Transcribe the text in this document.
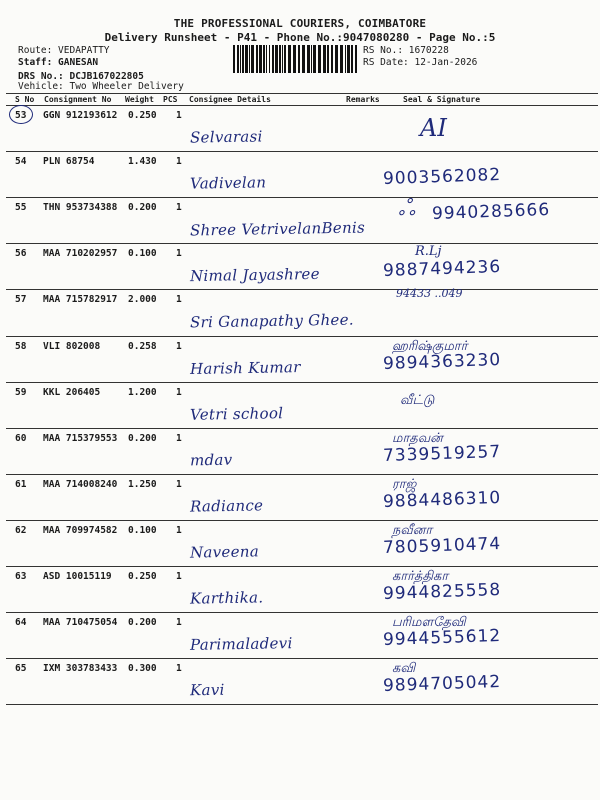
THE PROFESSIONAL COURIERS, COIMBATORE
Delivery Runsheet - P41 - Phone No.:9047080280 - Page No.:5
Route: VEDAPATTY
Staff: GANESAN
DRS No.: DCJB167022805
RS No.: 1670228
RS Date: 12-Jan-2026
Vehicle: Two Wheeler Delivery
S No Consignment No Weight PCS Consignee Details	Remarks	Seal & Signature
53 GGN 912193612 0.250 1
Selvarasi	AI
54 PLN 68754	1.430 1
Vadivelan	9003562082
55 THN 953734388 0.200 1
Shree VetrivelanBenis
9940285666
ஃ
56 MAA 710202957 0.100 1
Nimal Jayashree	9887494236
R.Lj
57 MAA 715782917 2.000 1
Sri Ganapathy Ghee.
94433 ..049
58 VLI 802008	0.258 1
Harish Kumar	9894363230
ஹரிஷ்குமார்
59 KKL 206405	1.200 1
Vetri school
வீட்டு
60 MAA 715379553 0.200 1
mdav	7339519257
மாதவன்
61 MAA 714008240 1.250 1
Radiance	9884486310
ராஜ்
62 MAA 709974582 0.100 1
Naveena	7805910474
நவீனா
63 ASD 10015119 0.250 1
Karthika.	9944825558
கார்த்திகா
64 MAA 710475054 0.200 1
Parimaladevi	9944555612
பரிமளதேவி
65 IXM 303783433 0.300 1
Kavi	9894705042
கவி
